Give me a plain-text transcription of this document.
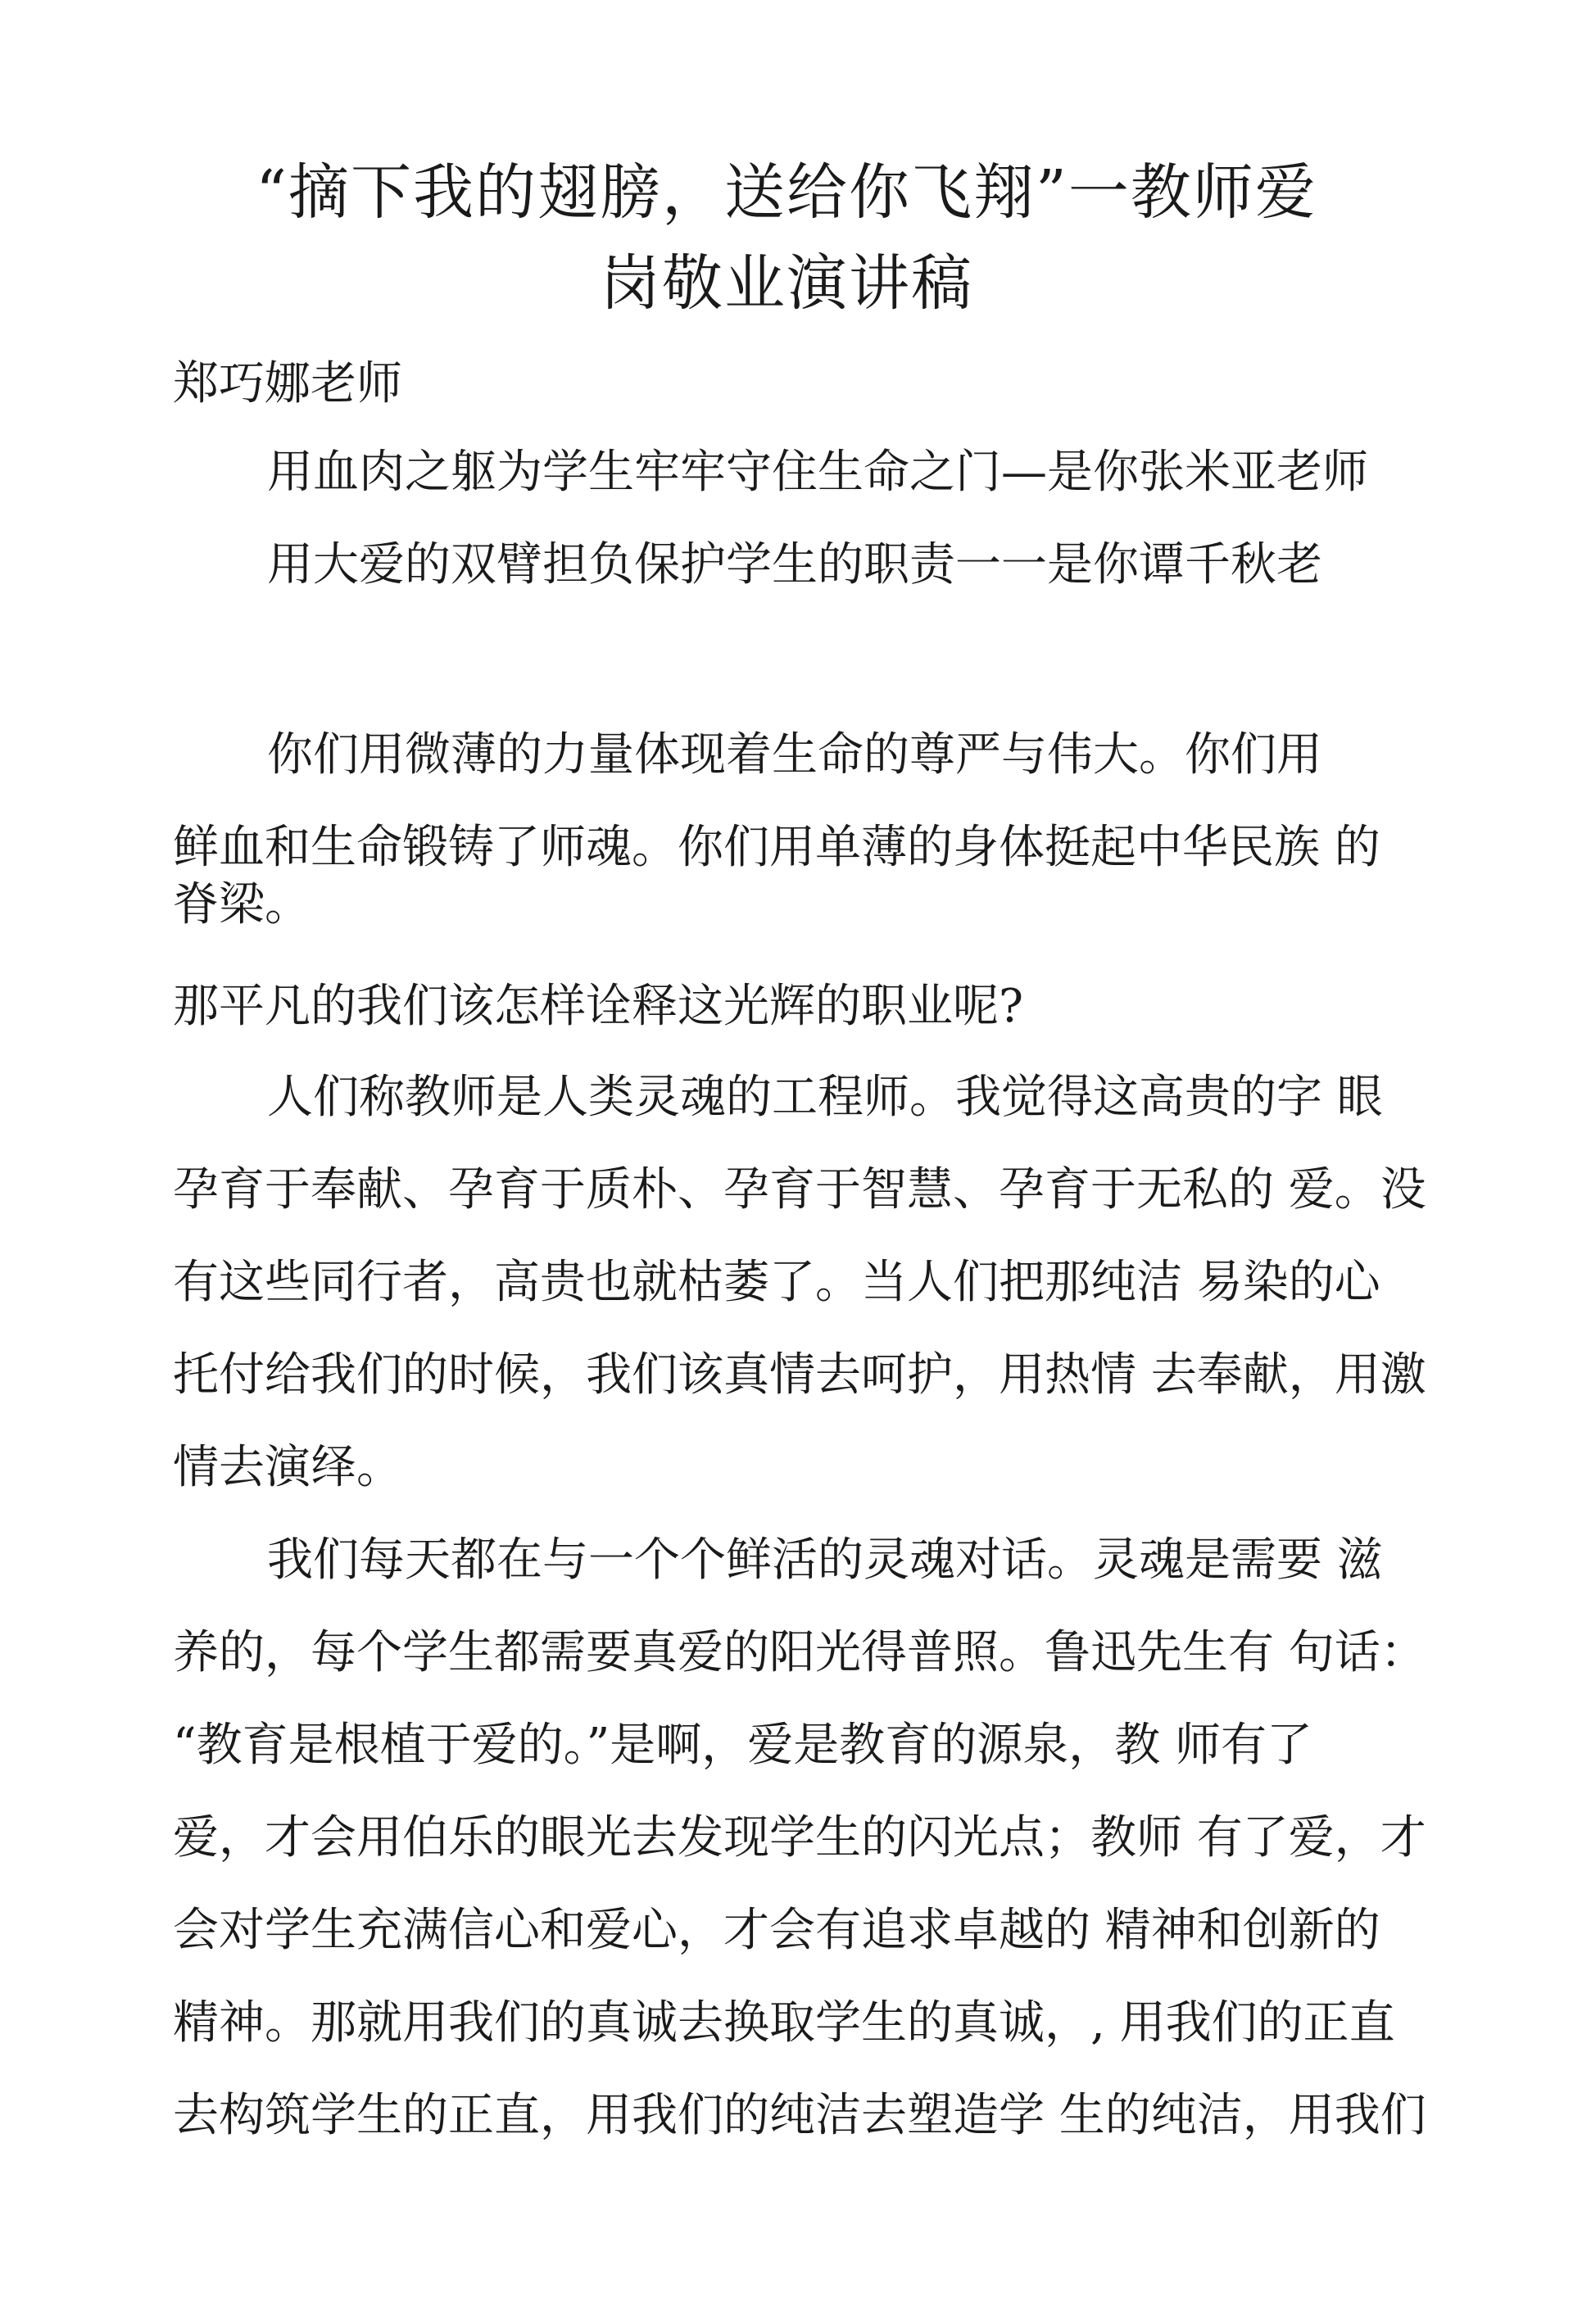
“摘下我的翅膀，送给你飞翔”一教师爱
岗敬业演讲稿
郑巧娜老师
用血肉之躯为学生牢牢守住生命之门—是你张米亚老师
用大爱的双臂担负保护学生的职责一一是你谭千秋老
你们用微薄的力量体现着生命的尊严与伟大。你们用
鲜血和生命锻铸了师魂。你们用单薄的身体挺起中华民族 的
脊梁。
那平凡的我们该怎样诠释这光辉的职业呢?
人们称教师是人类灵魂的工程师。我觉得这高贵的字 眼
孕育于奉献、孕育于质朴、孕育于智慧、孕育于无私的 爱。没
有这些同行者，高贵也就枯萎了。当人们把那纯洁 易染的心
托付给我们的时候，我们该真情去呵护，用热情 去奉献，用激
情去演绎。
我们每天都在与一个个鲜活的灵魂对话。灵魂是需要 滋
养的，每个学生都需要真爱的阳光得普照。鲁迅先生有 句话：
“教育是根植于爱的。”是啊，爱是教育的源泉，教 师有了
爱，才会用伯乐的眼光去发现学生的闪光点；教师 有了爱，才
会对学生充满信心和爱心，才会有追求卓越的 精神和创新的
精神。那就用我们的真诚去换取学生的真诚，, 用我们的正直
去构筑学生的正直，用我们的纯洁去塑造学 生的纯洁，用我们
